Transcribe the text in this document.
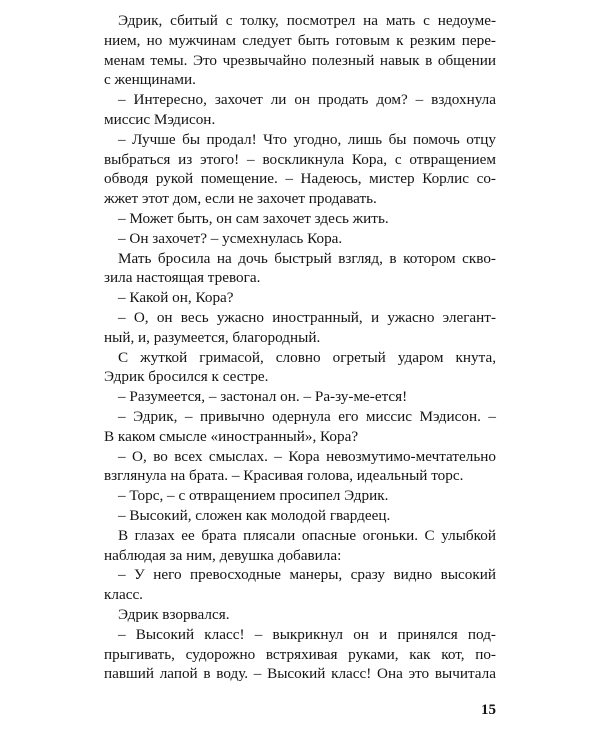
Эдрик, сбитый с толку, посмотрел на мать с недоуме-
нием, но мужчинам следует быть готовым к резким пере-
менам темы. Это чрезвычайно полезный навык в общении
с женщинами.
– Интересно, захочет ли он продать дом? – вздохнула
миссис Мэдисон.
– Лучше бы продал! Что угодно, лишь бы помочь отцу
выбраться из этого! – воскликнула Кора, с отвращением
обводя рукой помещение. – Надеюсь, мистер Корлис со-
жжет этот дом, если не захочет продавать.
– Может быть, он сам захочет здесь жить.
– Он захочет? – усмехнулась Кора.
Мать бросила на дочь быстрый взгляд, в котором скво-
зила настоящая тревога.
– Какой он, Кора?
– О, он весь ужасно иностранный, и ужасно элегант-
ный, и, разумеется, благородный.
С жуткой гримасой, словно огретый ударом кнута,
Эдрик бросился к сестре.
– Разумеется, – застонал он. – Ра-зу-ме-ется!
– Эдрик, – привычно одернула его миссис Мэдисон. –
В каком смысле «иностранный», Кора?
– О, во всех смыслах. – Кора невозмутимо-мечтательно
взглянула на брата. – Красивая голова, идеальный торс.
– Торс, – с отвращением просипел Эдрик.
– Высокий, сложен как молодой гвардеец.
В глазах ее брата плясали опасные огоньки. С улыбкой
наблюдая за ним, девушка добавила:
– У него превосходные манеры, сразу видно высокий
класс.
Эдрик взорвался.
– Высокий класс! – выкрикнул он и принялся под-
прыгивать, судорожно встряхивая руками, как кот, по-
павший лапой в воду. – Высокий класс! Она это вычитала
15
